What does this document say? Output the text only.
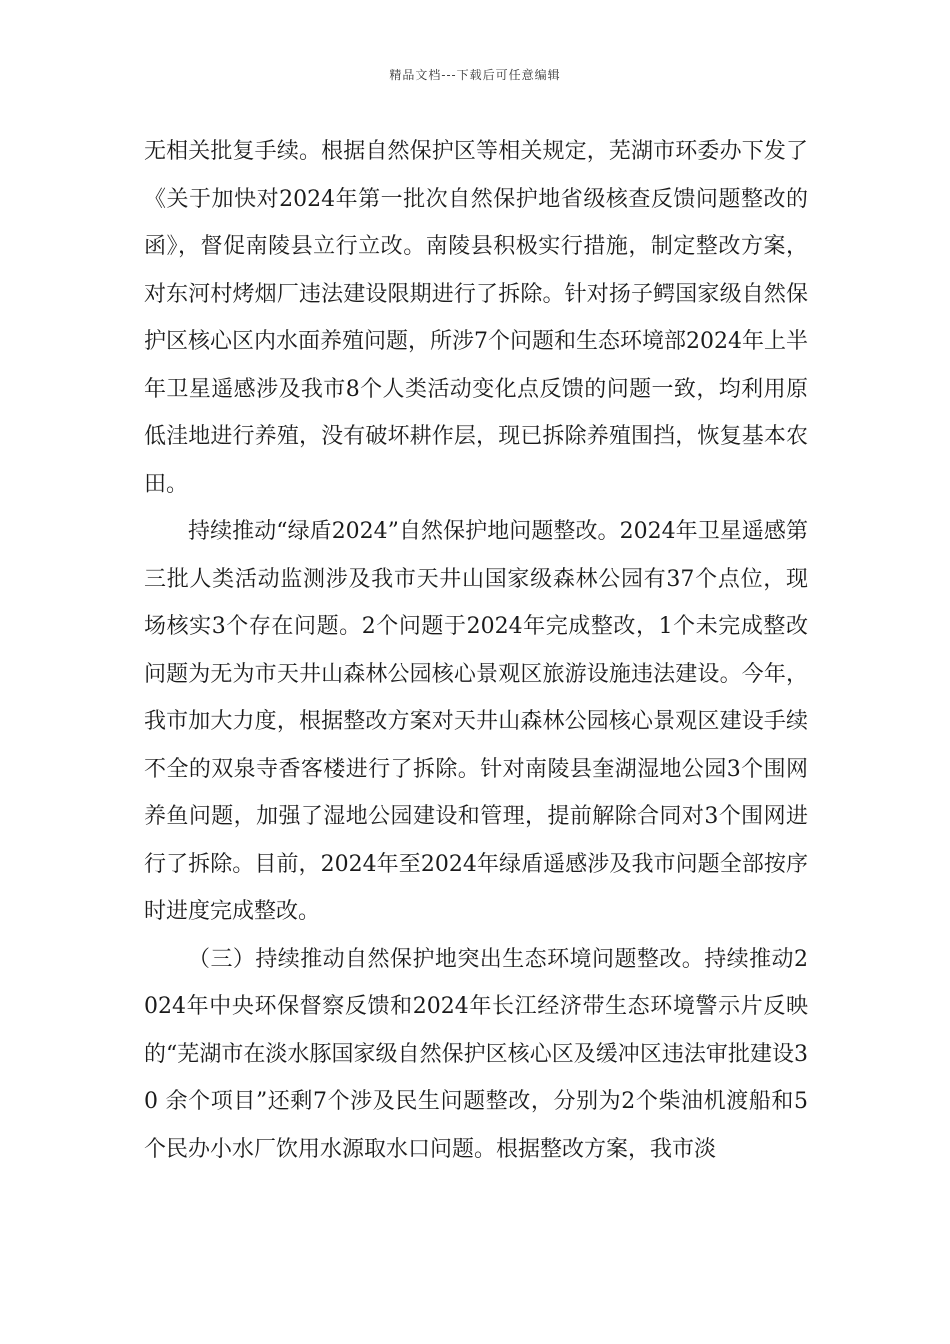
精品文档---下载后可任意编辑

无相关批复手续。根据自然保护区等相关规定，芜湖市环委办下发了《关于加快对2024年第一批次自然保护地省级核查反馈问题整改的函》，督促南陵县立行立改。南陵县积极实行措施，制定整改方案，对东河村烤烟厂违法建设限期进行了拆除。针对扬子鳄国家级自然保护区核心区内水面养殖问题，所涉7个问题和生态环境部2024年上半年卫星遥感涉及我市8个人类活动变化点反馈的问题一致，均利用原低洼地进行养殖，没有破坏耕作层，现已拆除养殖围挡，恢复基本农田。

持续推动“绿盾2024”自然保护地问题整改。2024年卫星遥感第三批人类活动监测涉及我市天井山国家级森林公园有37个点位，现场核实3个存在问题。2个问题于2024年完成整改，1个未完成整改问题为无为市天井山森林公园核心景观区旅游设施违法建设。今年，我市加大力度，根据整改方案对天井山森林公园核心景观区建设手续不全的双泉寺香客楼进行了拆除。针对南陵县奎湖湿地公园3个围网养鱼问题，加强了湿地公园建设和管理，提前解除合同对3个围网进行了拆除。目前，2024年至2024年绿盾遥感涉及我市问题全部按序时进度完成整改。

（三）持续推动自然保护地突出生态环境问题整改。持续推动2024年中央环保督察反馈和2024年长江经济带生态环境警示片反映的“芜湖市在淡水豚国家级自然保护区核心区及缓冲区违法审批建设30 余个项目”还剩7个涉及民生问题整改，分别为2个柴油机渡船和5个民办小水厂饮用水源取水口问题。根据整改方案，我市淡
